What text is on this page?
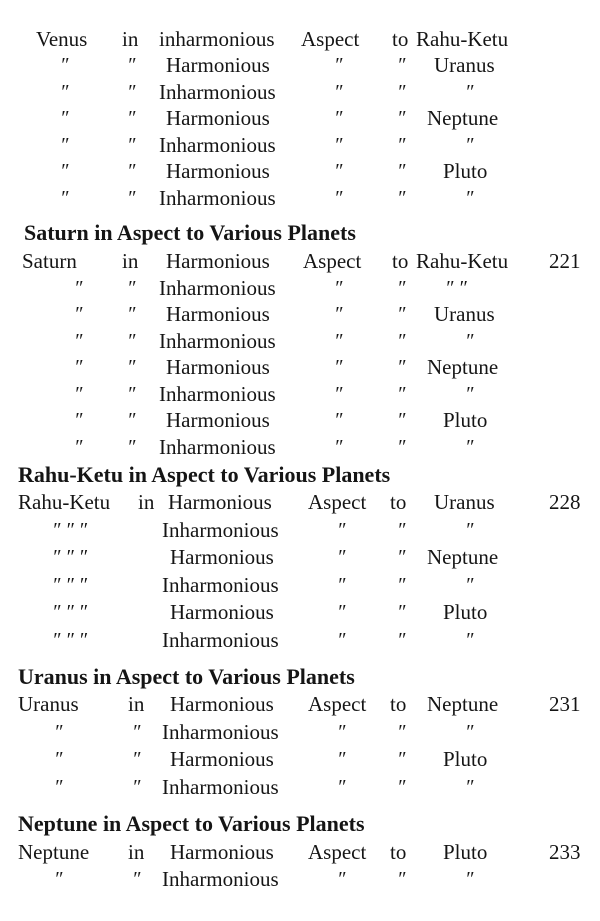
Venus in inharmonious Aspect to Rahu-Ketu
″	″ Harmonious	″	″ Uranus
″	″ Inharmonious	″	″	″
″	″ Harmonious	″	″ Neptune
″	″ Inharmonious	″	″	″
″	″ Harmonious	″	″ Pluto
″	″ Inharmonious	″	″	″
Saturn in Aspect to Various Planets
Saturn in Harmonious Aspect to Rahu-Ketu 221
″ ″ Inharmonious	″	″ ″ ″
″ ″ Harmonious	″	″ Uranus
″ ″ Inharmonious	″	″	″
″ ″ Harmonious	″	″ Neptune
″ ″ Inharmonious	″	″	″
″ ″ Harmonious	″	″ Pluto
″ ″ Inharmonious	″	″	″
Rahu-Ketu in Aspect to Various Planets
Rahu-Ketu in Harmonious Aspect to Uranus	228
″ ″ ″	Inharmonious	″	″	″
″ ″ ″	Harmonious	″	″ Neptune
″ ″ ″	Inharmonious	″	″	″
″ ″ ″	Harmonious	″	″ Pluto
″ ″ ″	Inharmonious	″	″	″
Uranus in Aspect to Various Planets
Uranus in Harmonious Aspect to Neptune 231
″	″ Inharmonious	″	″	″
″	″ Harmonious	″	″ Pluto
″	″ Inharmonious	″	″	″
Neptune in Aspect to Various Planets
Neptune in Harmonious Aspect to Pluto	233
″	″ Inharmonious	″	″	″
